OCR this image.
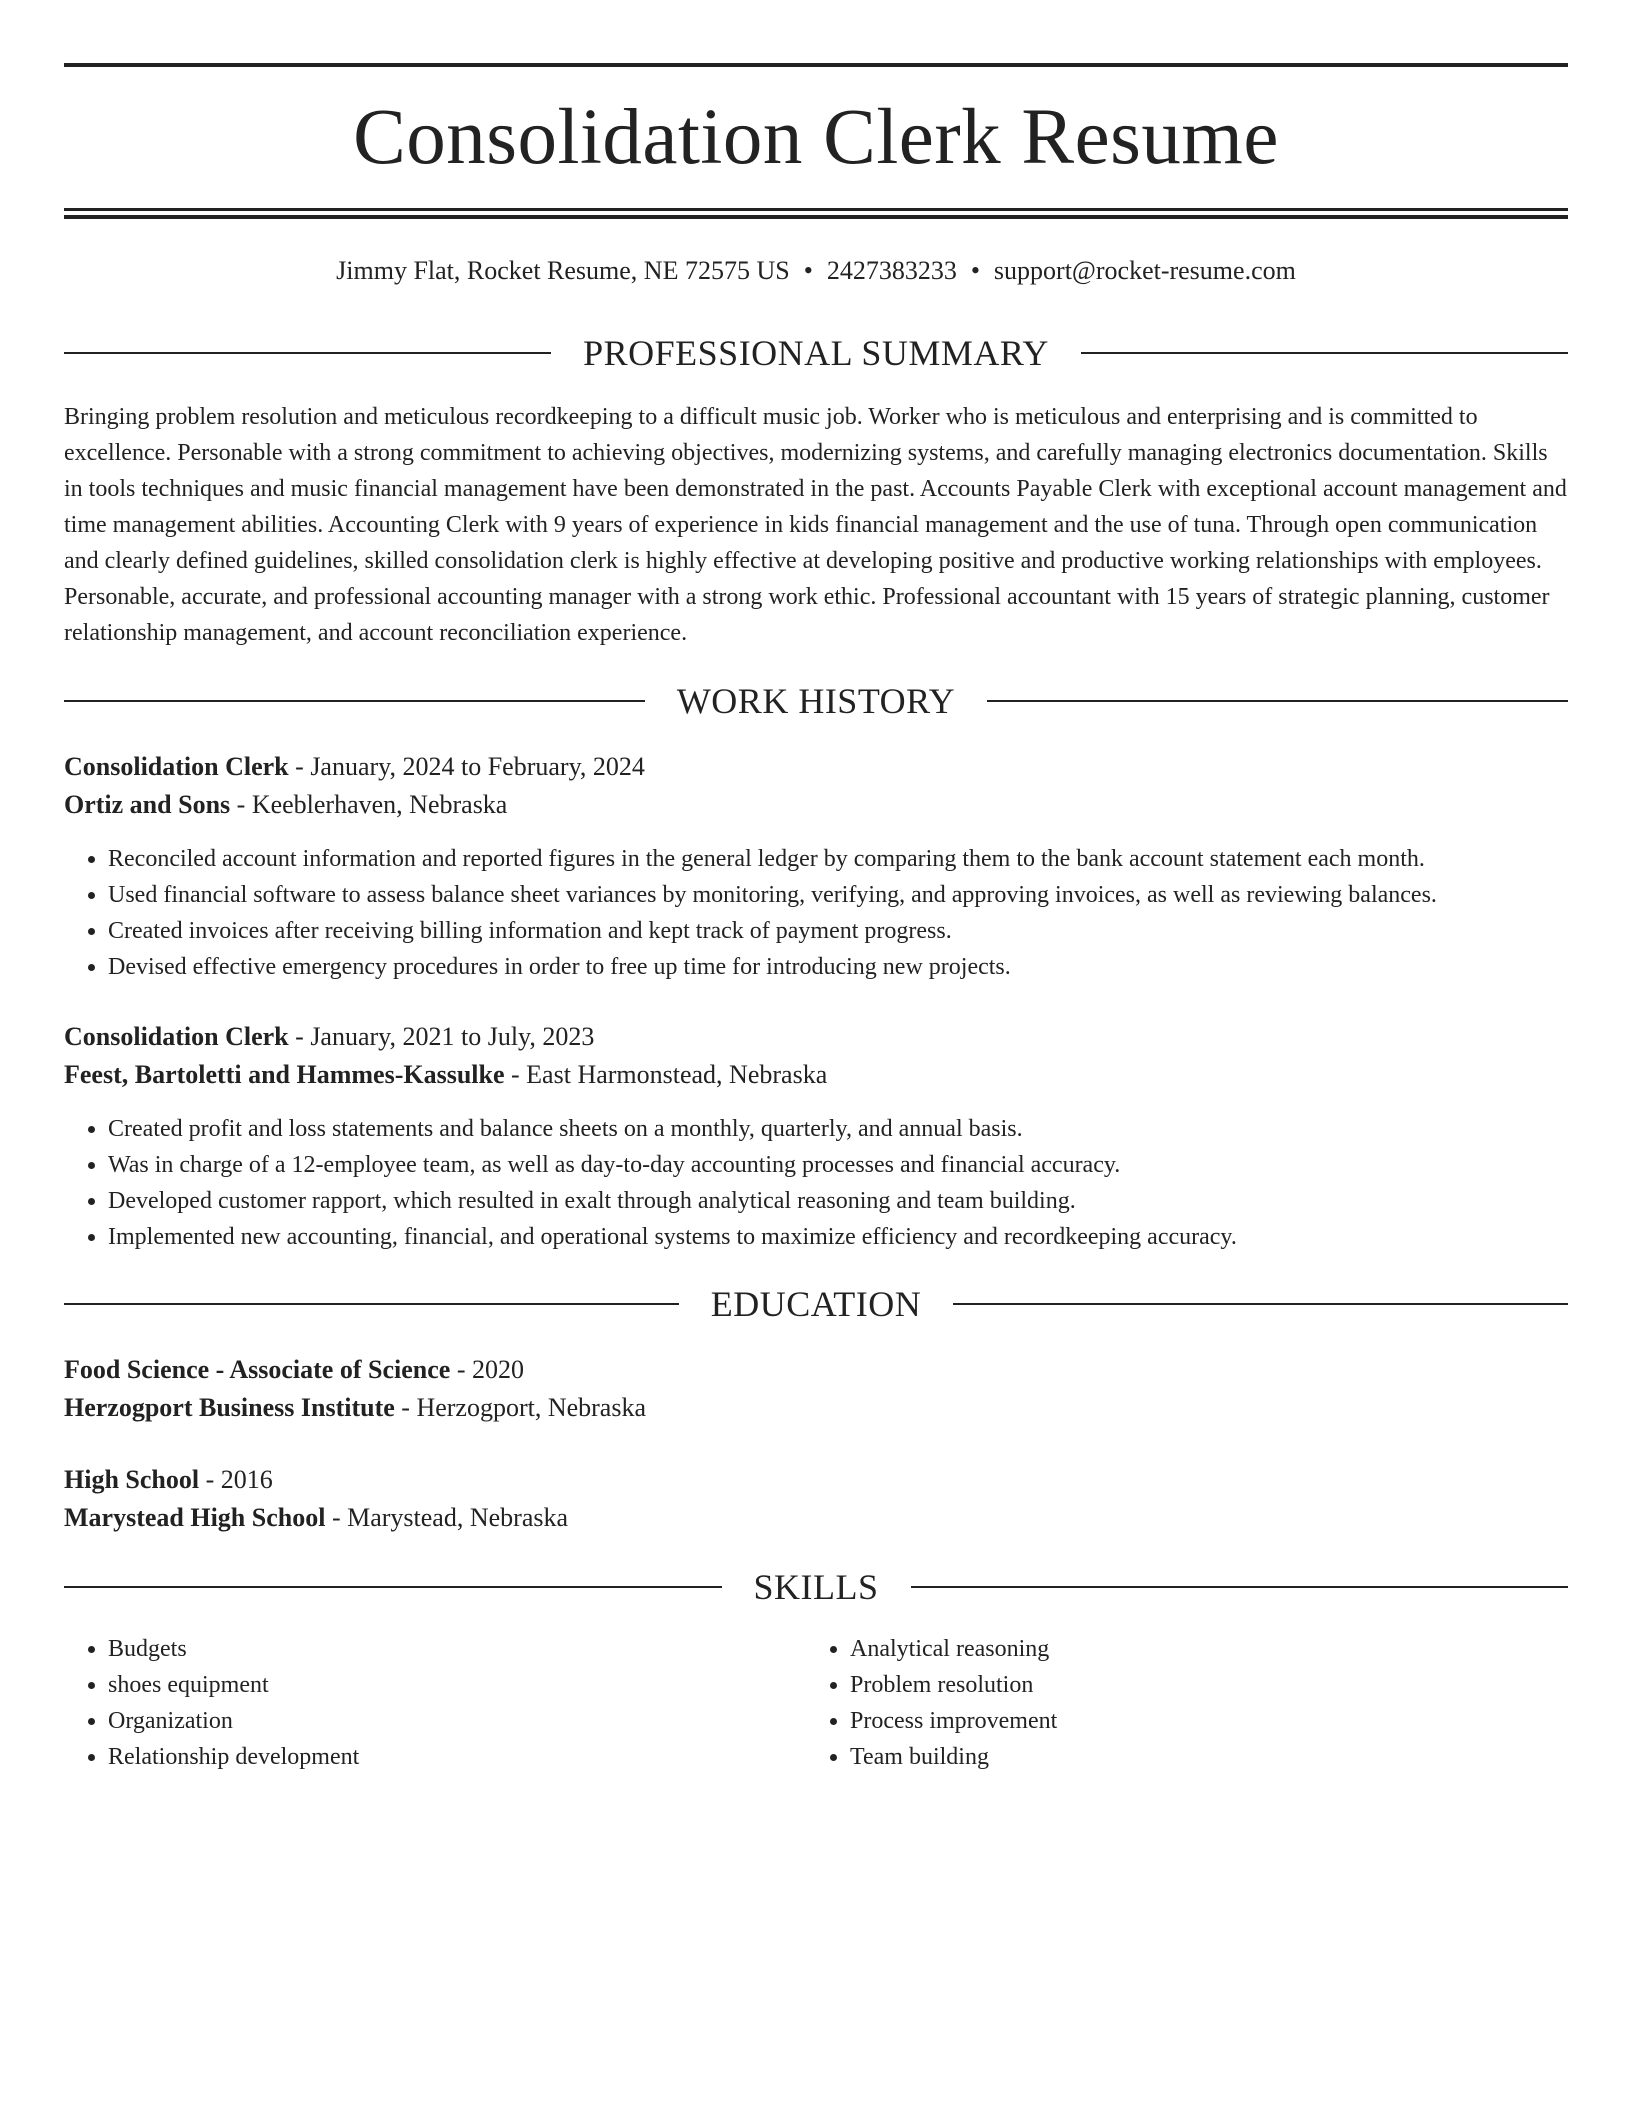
Consolidation Clerk Resume
Jimmy Flat, Rocket Resume, NE 72575 US • 2427383233 • support@rocket-resume.com
PROFESSIONAL SUMMARY

Bringing problem resolution and meticulous recordkeeping to a difficult music job. Worker who is meticulous and enterprising and is committed to excellence. Personable with a strong commitment to achieving objectives, modernizing systems, and carefully managing electronics documentation. Skills in tools techniques and music financial management have been demonstrated in the past. Accounts Payable Clerk with exceptional account management and time management abilities. Accounting Clerk with 9 years of experience in kids financial management and the use of tuna. Through open communication and clearly defined guidelines, skilled consolidation clerk is highly effective at developing positive and productive working relationships with employees. Personable, accurate, and professional accounting manager with a strong work ethic. Professional accountant with 15 years of strategic planning, customer relationship management, and account reconciliation experience.

WORK HISTORY
Consolidation Clerk - January, 2024 to February, 2024
Ortiz and Sons - Keeblerhaven, Nebraska
• Reconciled account information and reported figures in the general ledger by comparing them to the bank account statement each month.
• Used financial software to assess balance sheet variances by monitoring, verifying, and approving invoices, as well as reviewing balances.
• Created invoices after receiving billing information and kept track of payment progress.
• Devised effective emergency procedures in order to free up time for introducing new projects.
Consolidation Clerk - January, 2021 to July, 2023
Feest, Bartoletti and Hammes-Kassulke - East Harmonstead, Nebraska
• Created profit and loss statements and balance sheets on a monthly, quarterly, and annual basis.
• Was in charge of a 12-employee team, as well as day-to-day accounting processes and financial accuracy.
• Developed customer rapport, which resulted in exalt through analytical reasoning and team building.
• Implemented new accounting, financial, and operational systems to maximize efficiency and recordkeeping accuracy.
EDUCATION
Food Science - Associate of Science - 2020
Herzogport Business Institute - Herzogport, Nebraska
High School - 2016
Marystead High School - Marystead, Nebraska
SKILLS
• Budgets
• shoes equipment
• Organization
• Relationship development
• Analytical reasoning
• Problem resolution
• Process improvement
• Team building
